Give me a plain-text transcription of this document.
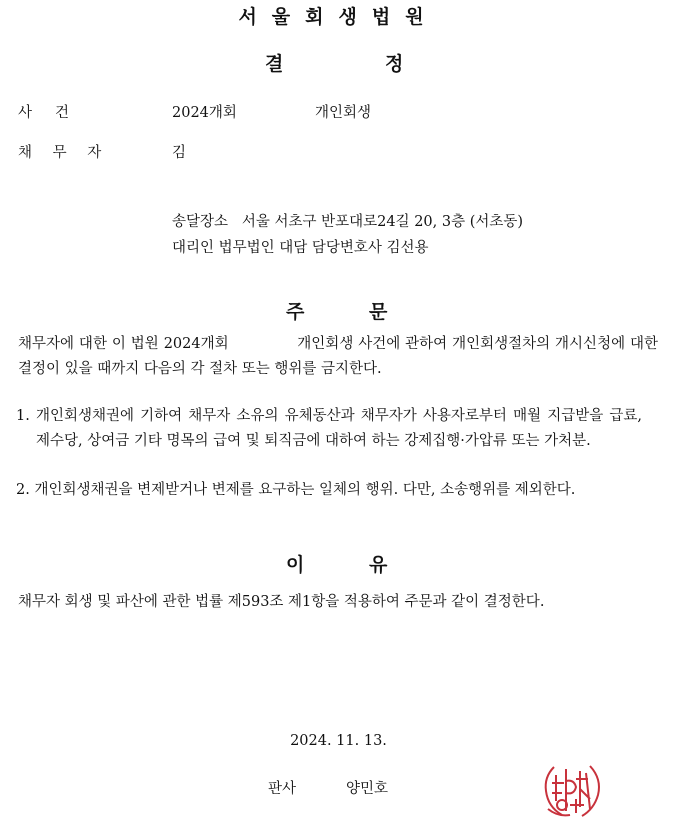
서울회생법원
결	정
사     건	2024개회	개인회생
채 무 자	김
송달장소   서울 서초구 반포대로24길 20, 3층 (서초동)
대리인 법무법인 대담 담당변호사 김선용
주	문
채무자에 대한 이 법원 2024개회              개인회생 사건에 관하여 개인회생절차의 개시신청에 대한 결정이 있을 때까지 다음의 각 절차 또는 행위를 금지한다.
1. 개인회생채권에 기하여 채무자 소유의 유체동산과 채무자가 사용자로부터 매월 지급받을 급료, 제수당, 상여금 기타 명목의 급여 및 퇴직금에 대하여 하는 강제집행·가압류 또는 가처분.
2. 개인회생채권을 변제받거나 변제를 요구하는 일체의 행위. 다만, 소송행위를 제외한다.
이	유
채무자 회생 및 파산에 관한 법률 제593조 제1항을 적용하여 주문과 같이 결정한다.
2024. 11. 13.
판사	양민호
